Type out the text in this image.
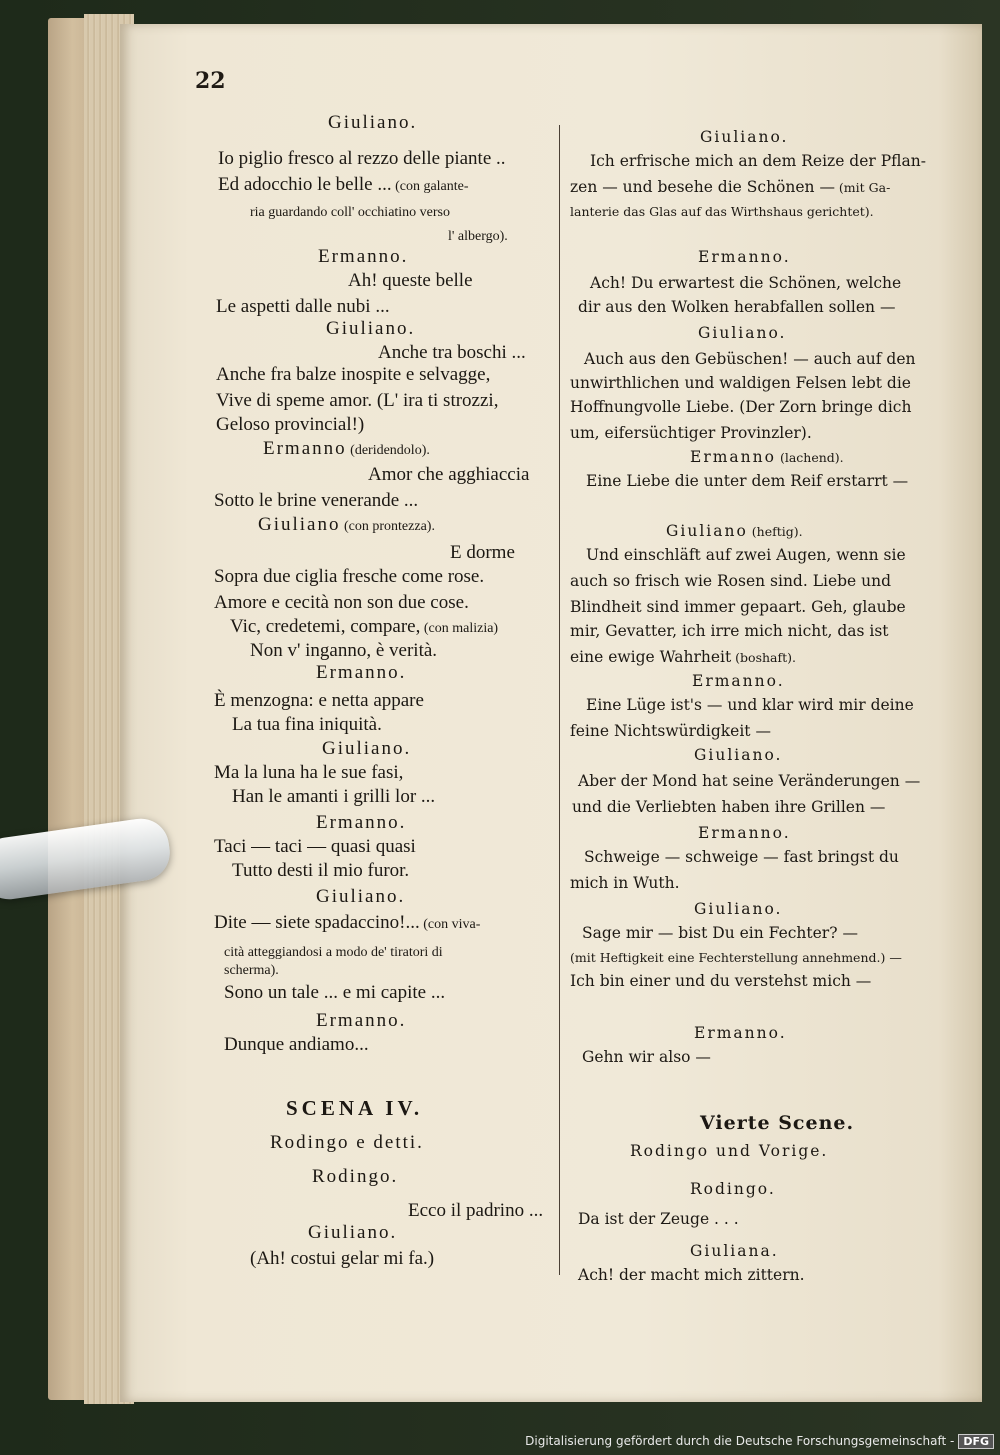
22
Giuliano.
Io piglio fresco al rezzo delle piante ..
Ed adocchio le belle ... (con galante-
ria guardando coll' occhiatino verso
l' albergo).
Ermanno.
Ah! queste belle
Le aspetti dalle nubi ...
Giuliano.
Anche tra boschi ...
Anche fra balze inospite e selvagge,
Vive di speme amor. (L' ira ti strozzi,
Geloso provincial!)
Ermanno (deridendolo).
Amor che agghiaccia
Sotto le brine venerande ...
Giuliano (con prontezza).
E dorme
Sopra due ciglia fresche come rose.
Amore e cecità non son due cose.
Vic, credetemi, compare, (con malizia)
Non v' inganno, è verità.
Ermanno.
È menzogna: e netta appare
La tua fina iniquità.
Giuliano.
Ma la luna ha le sue fasi,
Han le amanti i grilli lor ...
Ermanno.
Taci — taci — quasi quasi
Tutto desti il mio furor.
Giuliano.
Dite — siete spadaccino!... (con viva-
cità atteggiandosi a modo de' tiratori di
scherma).
Sono un tale ... e mi capite ...
Ermanno.
Dunque andiamo...
SCENA IV.
Rodingo e detti.
Rodingo.
Ecco il padrino ...
Giuliano.
(Ah! costui gelar mi fa.)
Giuliano.
Ich erfrische mich an dem Reize der Pflan-
zen — und besehe die Schönen — (mit Ga-
lanterie das Glas auf das Wirthshaus gerichtet).
Ermanno.
Ach! Du erwartest die Schönen, welche
dir aus den Wolken herabfallen sollen —
Giuliano.
Auch aus den Gebüschen! — auch auf den
unwirthlichen und waldigen Felsen lebt die
Hoffnungvolle Liebe. (Der Zorn bringe dich
um, eifersüchtiger Provinzler).
Ermanno (lachend).
Eine Liebe die unter dem Reif erstarrt —
Giuliano (heftig).
Und einschläft auf zwei Augen, wenn sie
auch so frisch wie Rosen sind. Liebe und
Blindheit sind immer gepaart. Geh, glaube
mir, Gevatter, ich irre mich nicht, das ist
eine ewige Wahrheit (boshaft).
Ermanno.
Eine Lüge ist's — und klar wird mir deine
feine Nichtswürdigkeit —
Giuliano.
Aber der Mond hat seine Veränderungen —
und die Verliebten haben ihre Grillen —
Ermanno.
Schweige — schweige — fast bringst du
mich in Wuth.
Giuliano.
Sage mir — bist Du ein Fechter? —
(mit Heftigkeit eine Fechterstellung annehmend.) —
Ich bin einer und du verstehst mich —
Ermanno.
Gehn wir also —
Vierte Scene.
Rodingo und Vorige.
Rodingo.
Da ist der Zeuge . . .
Giuliana.
Ach! der macht mich zittern.
Digitalisierung gefördert durch die Deutsche Forschungsgemeinschaft - DFG
